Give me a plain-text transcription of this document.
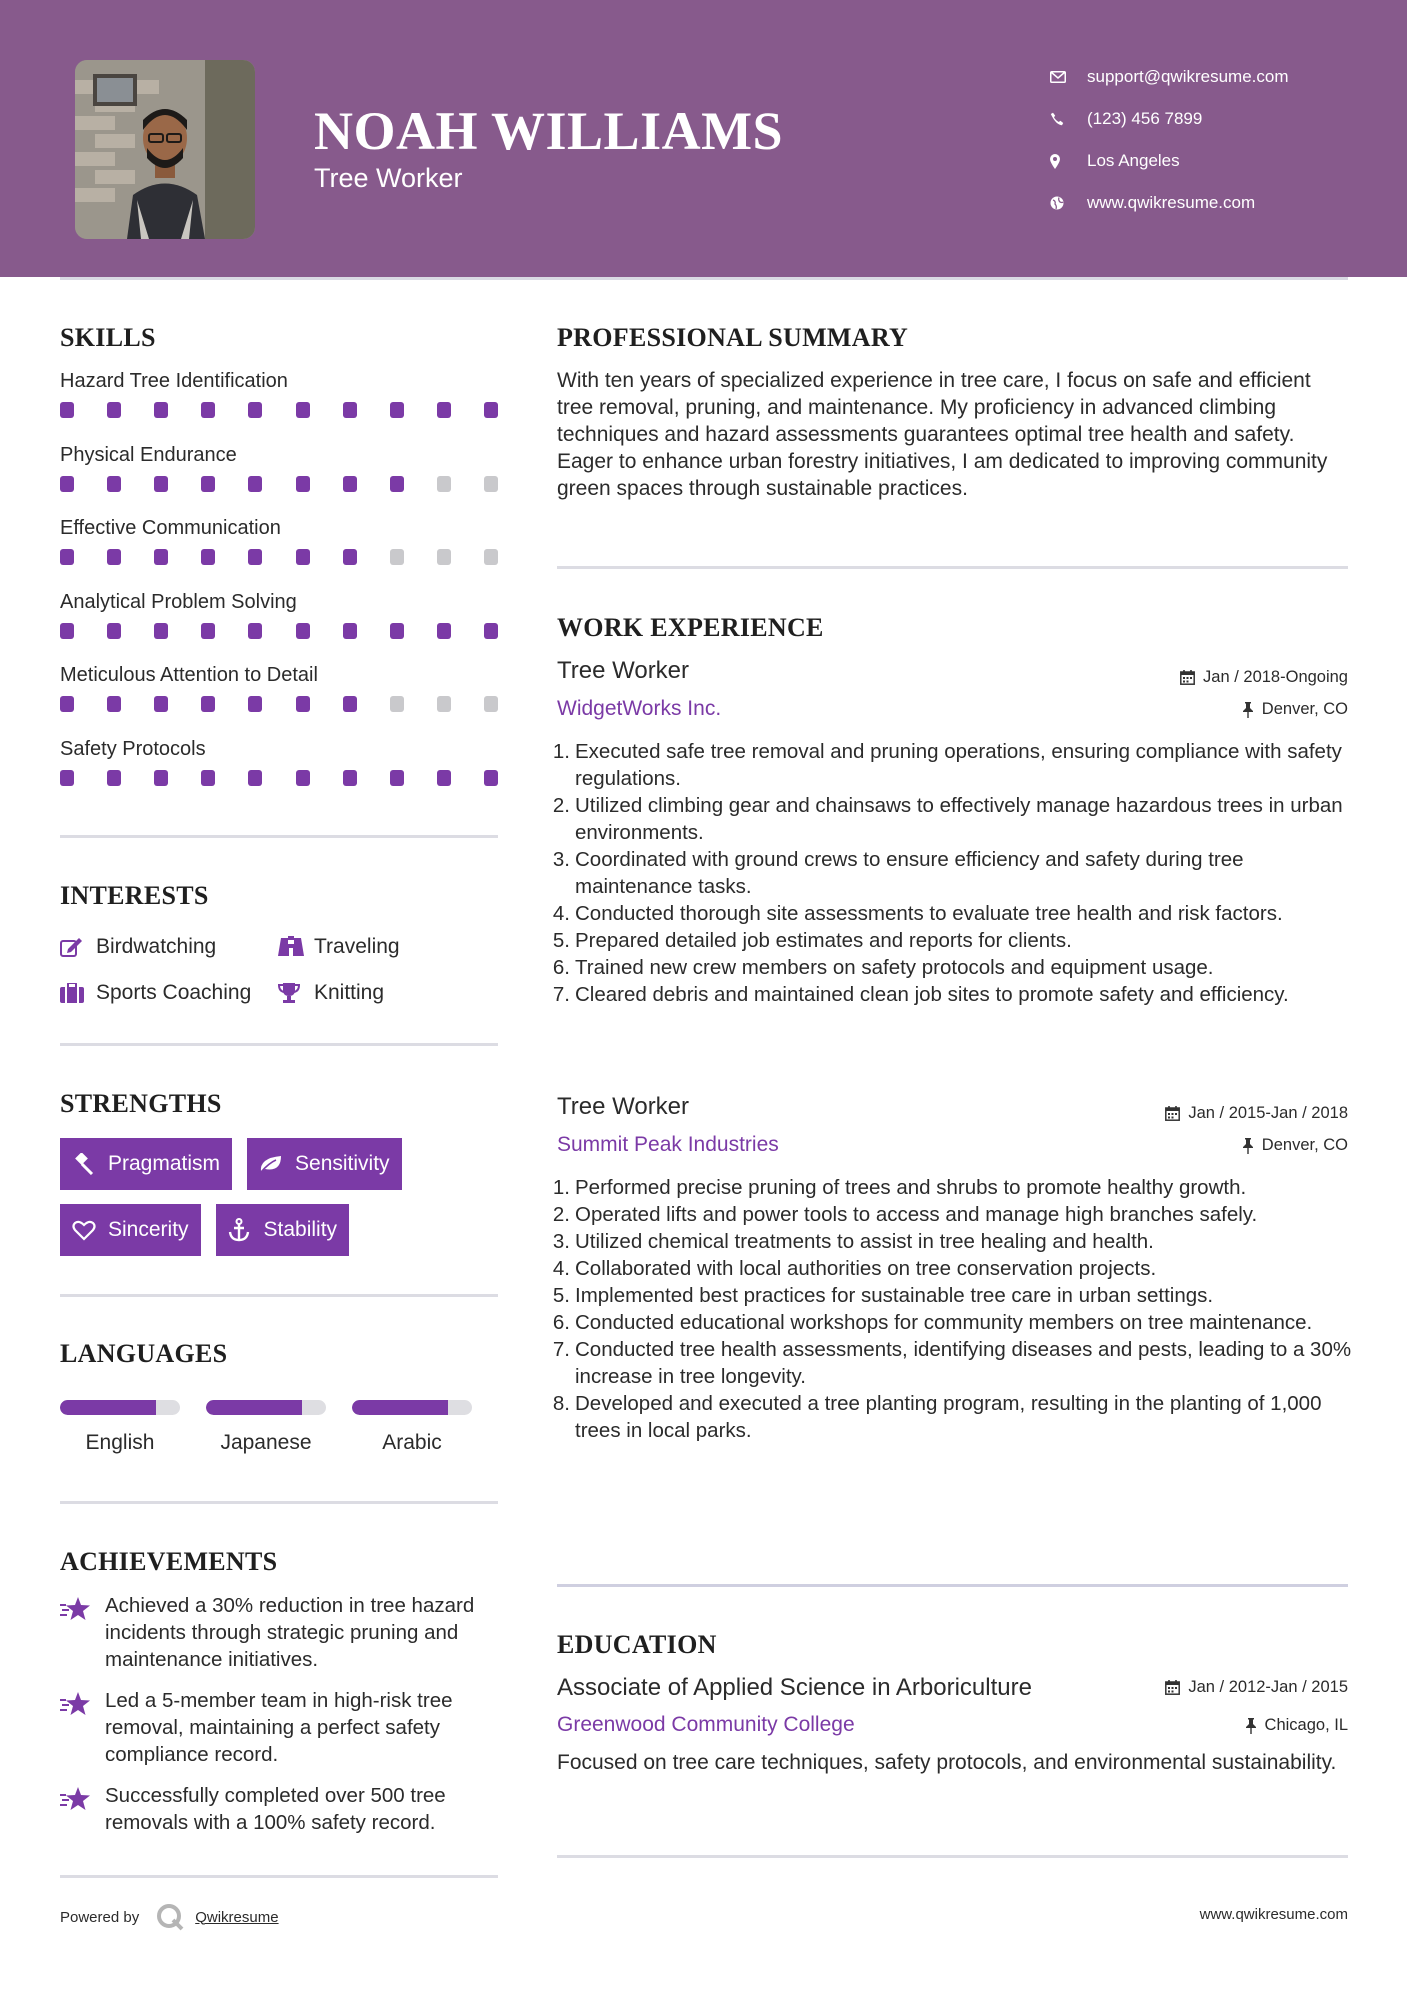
NOAH WILLIAMS
Tree Worker
support@qwikresume.com
(123) 456 7899
Los Angeles
www.qwikresume.com
SKILLS
Hazard Tree Identification
Physical Endurance
Effective Communication
Analytical Problem Solving
Meticulous Attention to Detail
Safety Protocols
INTERESTS
Birdwatching	Traveling
Sports Coaching	Knitting
STRENGTHS
Pragmatism	Sensitivity
Sincerity	Stability
LANGUAGES
English	Japanese	Arabic
ACHIEVEMENTS
Achieved a 30% reduction in tree hazard incidents through strategic pruning and maintenance initiatives.
Led a 5-member team in high-risk tree removal, maintaining a perfect safety compliance record.
Successfully completed over 500 tree removals with a 100% safety record.
Powered by	Qwikresume	www.qwikresume.com
PROFESSIONAL SUMMARY
With ten years of specialized experience in tree care, I focus on safe and efficient tree removal, pruning, and maintenance. My proficiency in advanced climbing techniques and hazard assessments guarantees optimal tree health and safety. Eager to enhance urban forestry initiatives, I am dedicated to improving community green spaces through sustainable practices.
WORK EXPERIENCE
Tree Worker	Jan / 2018-Ongoing
WidgetWorks Inc.	Denver, CO
1. Executed safe tree removal and pruning operations, ensuring compliance with safety regulations.
2. Utilized climbing gear and chainsaws to effectively manage hazardous trees in urban environments.
3. Coordinated with ground crews to ensure efficiency and safety during tree maintenance tasks.
4. Conducted thorough site assessments to evaluate tree health and risk factors.
5. Prepared detailed job estimates and reports for clients.
6. Trained new crew members on safety protocols and equipment usage.
7. Cleared debris and maintained clean job sites to promote safety and efficiency.
Tree Worker	Jan / 2015-Jan / 2018
Summit Peak Industries	Denver, CO
1. Performed precise pruning of trees and shrubs to promote healthy growth.
2. Operated lifts and power tools to access and manage high branches safely.
3. Utilized chemical treatments to assist in tree healing and health.
4. Collaborated with local authorities on tree conservation projects.
5. Implemented best practices for sustainable tree care in urban settings.
6. Conducted educational workshops for community members on tree maintenance.
7. Conducted tree health assessments, identifying diseases and pests, leading to a 30% increase in tree longevity.
8. Developed and executed a tree planting program, resulting in the planting of 1,000 trees in local parks.
EDUCATION
Associate of Applied Science in Arboriculture	Jan / 2012-Jan / 2015
Greenwood Community College	Chicago, IL
Focused on tree care techniques, safety protocols, and environmental sustainability.
